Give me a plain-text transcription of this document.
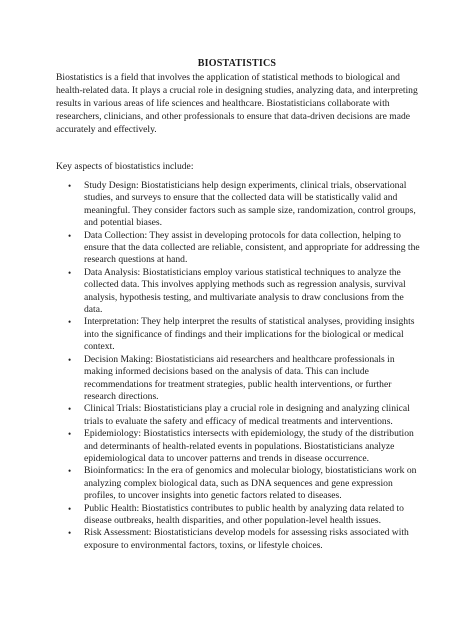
BIOSTATISTICS
Biostatistics is a field that involves the application of statistical methods to biological and health-related data. It plays a crucial role in designing studies, analyzing data, and interpreting results in various areas of life sciences and healthcare. Biostatisticians collaborate with researchers, clinicians, and other professionals to ensure that data-driven decisions are made accurately and effectively.
Key aspects of biostatistics include:
• Study Design: Biostatisticians help design experiments, clinical trials, observational studies, and surveys to ensure that the collected data will be statistically valid and meaningful. They consider factors such as sample size, randomization, control groups, and potential biases.
• Data Collection: They assist in developing protocols for data collection, helping to ensure that the data collected are reliable, consistent, and appropriate for addressing the research questions at hand.
• Data Analysis: Biostatisticians employ various statistical techniques to analyze the collected data. This involves applying methods such as regression analysis, survival analysis, hypothesis testing, and multivariate analysis to draw conclusions from the data.
• Interpretation: They help interpret the results of statistical analyses, providing insights into the significance of findings and their implications for the biological or medical context.
• Decision Making: Biostatisticians aid researchers and healthcare professionals in making informed decisions based on the analysis of data. This can include recommendations for treatment strategies, public health interventions, or further research directions.
• Clinical Trials: Biostatisticians play a crucial role in designing and analyzing clinical trials to evaluate the safety and efficacy of medical treatments and interventions.
• Epidemiology: Biostatistics intersects with epidemiology, the study of the distribution and determinants of health-related events in populations. Biostatisticians analyze epidemiological data to uncover patterns and trends in disease occurrence.
• Bioinformatics: In the era of genomics and molecular biology, biostatisticians work on analyzing complex biological data, such as DNA sequences and gene expression profiles, to uncover insights into genetic factors related to diseases.
• Public Health: Biostatistics contributes to public health by analyzing data related to disease outbreaks, health disparities, and other population-level health issues.
• Risk Assessment: Biostatisticians develop models for assessing risks associated with exposure to environmental factors, toxins, or lifestyle choices.
